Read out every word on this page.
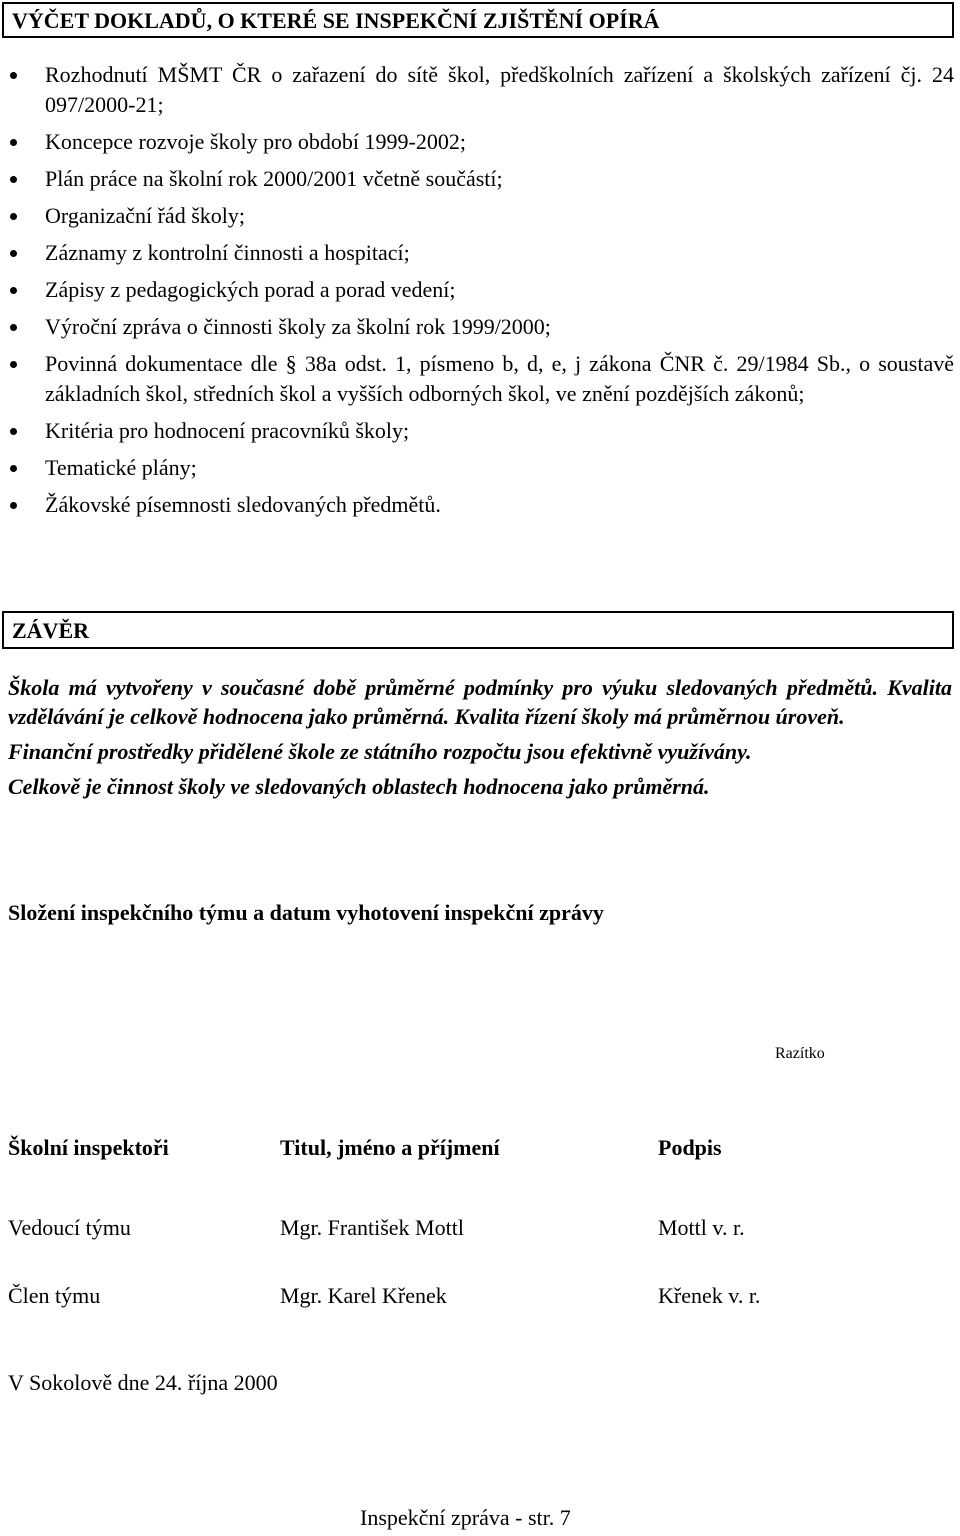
VÝČET DOKLADŮ, O KTERÉ SE INSPEKČNÍ ZJIŠTĚNÍ OPÍRÁ
Rozhodnutí MŠMT ČR o zařazení do sítě škol, předškolních zařízení a školských zařízení čj. 24 097/2000-21;
Koncepce rozvoje školy pro období 1999-2002;
Plán práce na školní rok 2000/2001 včetně součástí;
Organizační řád školy;
Záznamy z kontrolní činnosti a hospitací;
Zápisy z pedagogických porad a porad vedení;
Výroční zpráva o činnosti školy za školní rok 1999/2000;
Povinná dokumentace dle § 38a odst. 1, písmeno b, d, e, j zákona ČNR č. 29/1984 Sb., o soustavě základních škol, středních škol a vyšších odborných škol, ve znění pozdějších zákonů;
Kritéria pro hodnocení pracovníků školy;
Tematické plány;
Žákovské písemnosti sledovaných předmětů.
ZÁVĚR

Škola má vytvořeny v současné době průměrné podmínky pro výuku sledovaných předmětů. Kvalita vzdělávání je celkově hodnocena jako průměrná. Kvalita řízení školy má průměrnou úroveň.

Finanční prostředky přidělené škole ze státního rozpočtu jsou efektivně využívány.

Celkově je činnost školy ve sledovaných oblastech hodnocena jako průměrná.

Složení inspekčního týmu a datum vyhotovení inspekční zprávy
Razítko
Školní inspektoři	Titul, jméno a příjmení	Podpis
Vedoucí týmu	Mgr. František Mottl	Mottl v. r.
Člen týmu	Mgr. Karel Křenek	Křenek v. r.
V Sokolově dne 24. října 2000
Inspekční zpráva - str. 7
